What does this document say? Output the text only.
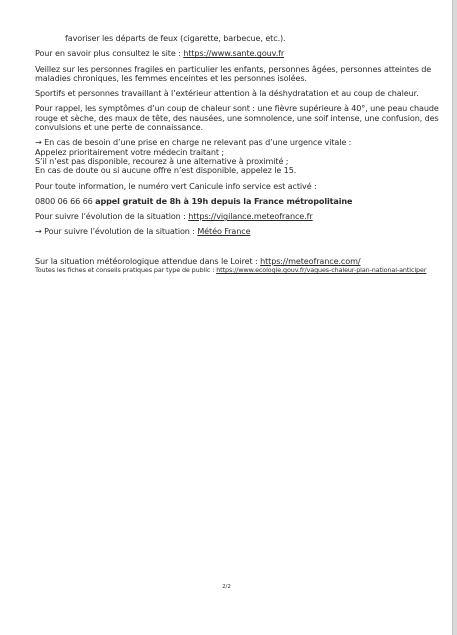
favoriser les départs de feux (cigarette, barbecue, etc.).
Pour en savoir plus consultez le site : https://www.sante.gouv.fr
Veillez sur les personnes fragiles en particulier les enfants, personnes âgées, personnes atteintes de maladies chroniques, les femmes enceintes et les personnes isolées.
Sportifs et personnes travaillant à l’extérieur attention à la déshydratation et au coup de chaleur.
Pour rappel, les symptômes d’un coup de chaleur sont : une fièvre supérieure à 40°, une peau chaude rouge et sèche, des maux de tête, des nausées, une somnolence, une soif intense, une confusion, des convulsions et une perte de connaissance.
→ En cas de besoin d’une prise en charge ne relevant pas d’une urgence vitale :
Appelez prioritairement votre médecin traitant ;
S’il n’est pas disponible, recourez à une alternative à proximité ;
En cas de doute ou si aucune offre n’est disponible, appelez le 15.
Pour toute information, le numéro vert Canicule info service est activé :
0800 06 66 66 appel gratuit de 8h à 19h depuis la France métropolitaine
Pour suivre l’évolution de la situation : https://vigilance.meteofrance.fr
→ Pour suivre l’évolution de la situation : Météo France
Sur la situation météorologique attendue dans le Loiret : https://meteofrance.com/
Toutes les fiches et conseils pratiques par type de public : https://www.ecologie.gouv.fr/vagues-chaleur-plan-national-anticiper
2/2
